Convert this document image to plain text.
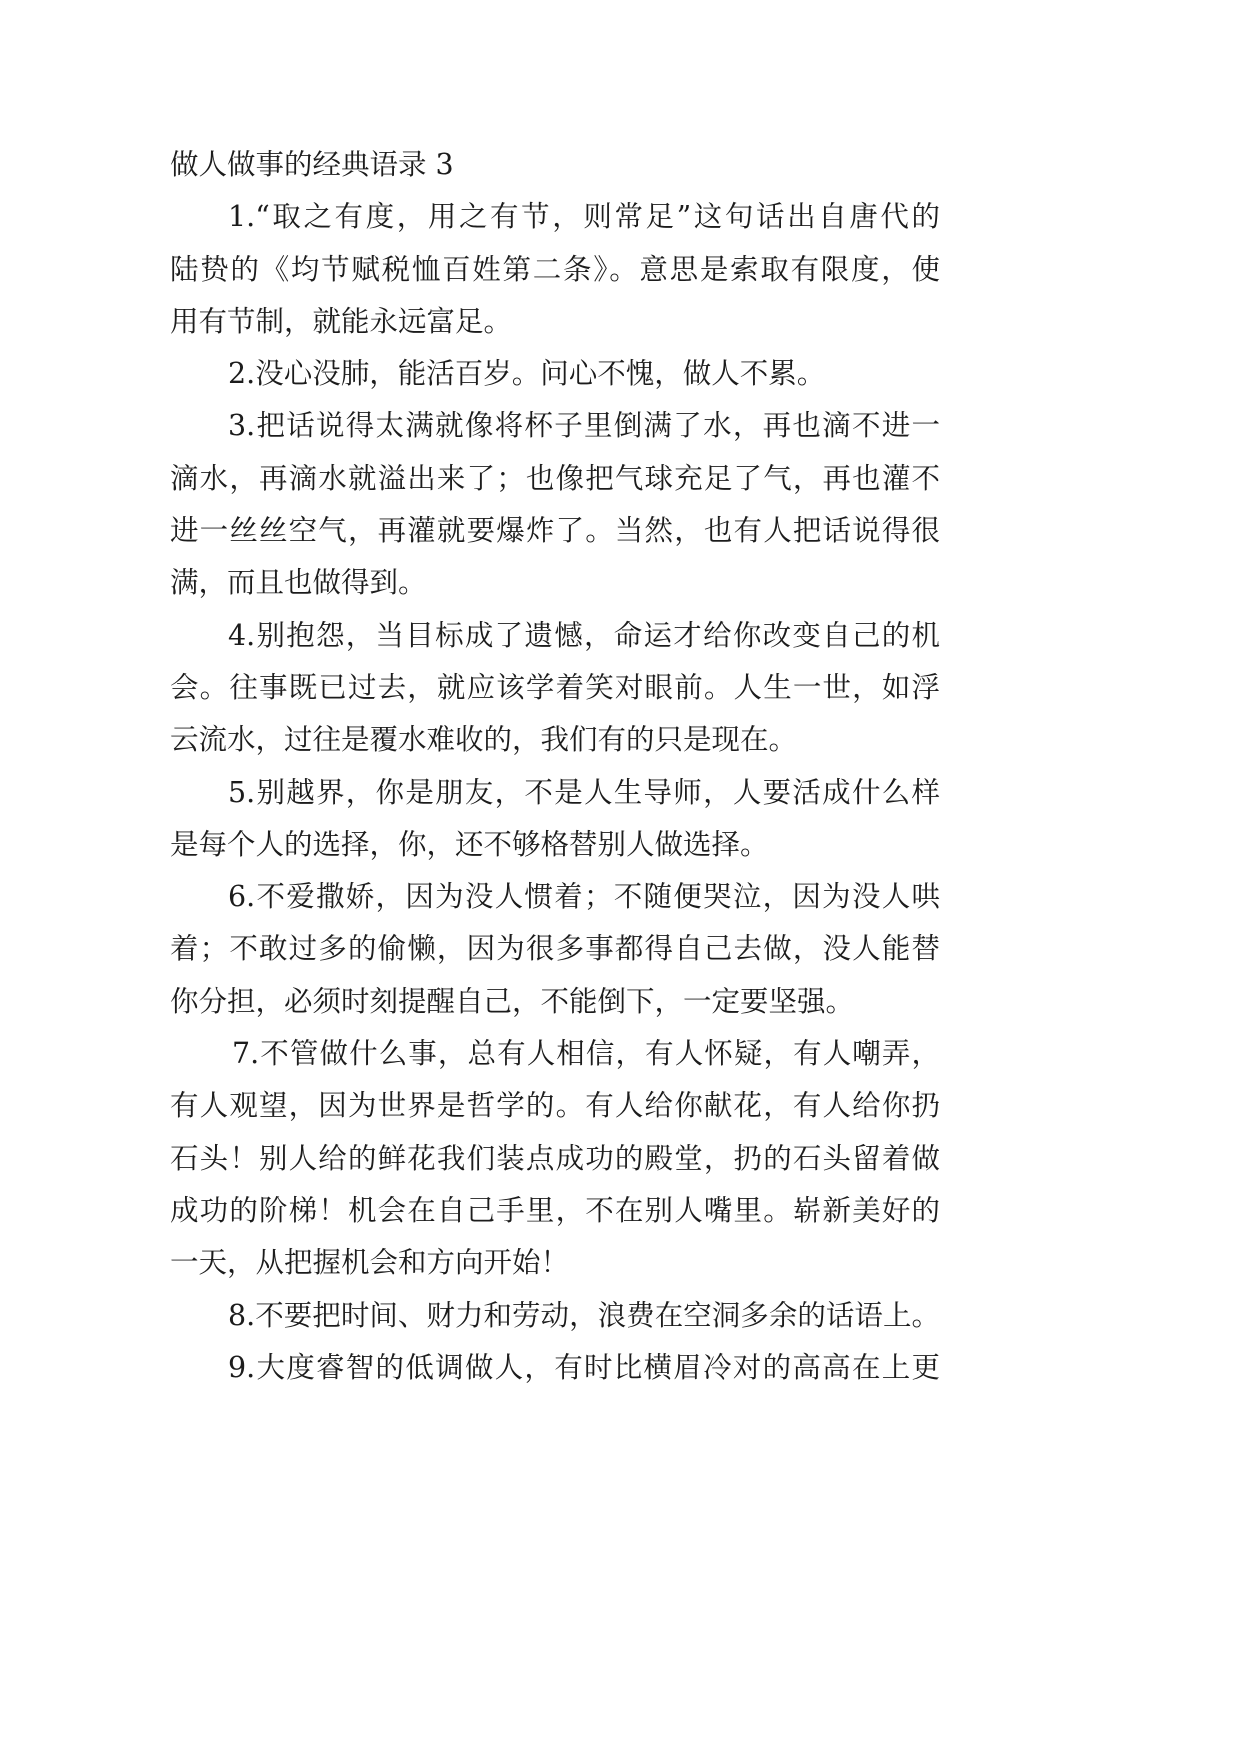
做人做事的经典语录 3
1.“取之有度，用之有节，则常足”这句话出自唐代的
陆贽的《均节赋税恤百姓第二条》。意思是索取有限度，使
用有节制，就能永远富足。
2.没心没肺，能活百岁。问心不愧，做人不累。
3.把话说得太满就像将杯子里倒满了水，再也滴不进一
滴水，再滴水就溢出来了；也像把气球充足了气，再也灌不
进一丝丝空气，再灌就要爆炸了。当然，也有人把话说得很
满，而且也做得到。
4.别抱怨，当目标成了遗憾，命运才给你改变自己的机
会。往事既已过去，就应该学着笑对眼前。人生一世，如浮
云流水，过往是覆水难收的，我们有的只是现在。
5.别越界，你是朋友，不是人生导师，人要活成什么样
是每个人的选择，你，还不够格替别人做选择。
6.不爱撒娇，因为没人惯着；不随便哭泣，因为没人哄
着；不敢过多的偷懒，因为很多事都得自己去做，没人能替
你分担，必须时刻提醒自己，不能倒下，一定要坚强。
7.不管做什么事，总有人相信，有人怀疑，有人嘲弄，
有人观望，因为世界是哲学的。有人给你献花，有人给你扔
石头！别人给的鲜花我们装点成功的殿堂，扔的石头留着做
成功的阶梯！机会在自己手里，不在别人嘴里。崭新美好的
一天，从把握机会和方向开始！
8.不要把时间、财力和劳动，浪费在空洞多余的话语上。
9.大度睿智的低调做人，有时比横眉冷对的高高在上更
